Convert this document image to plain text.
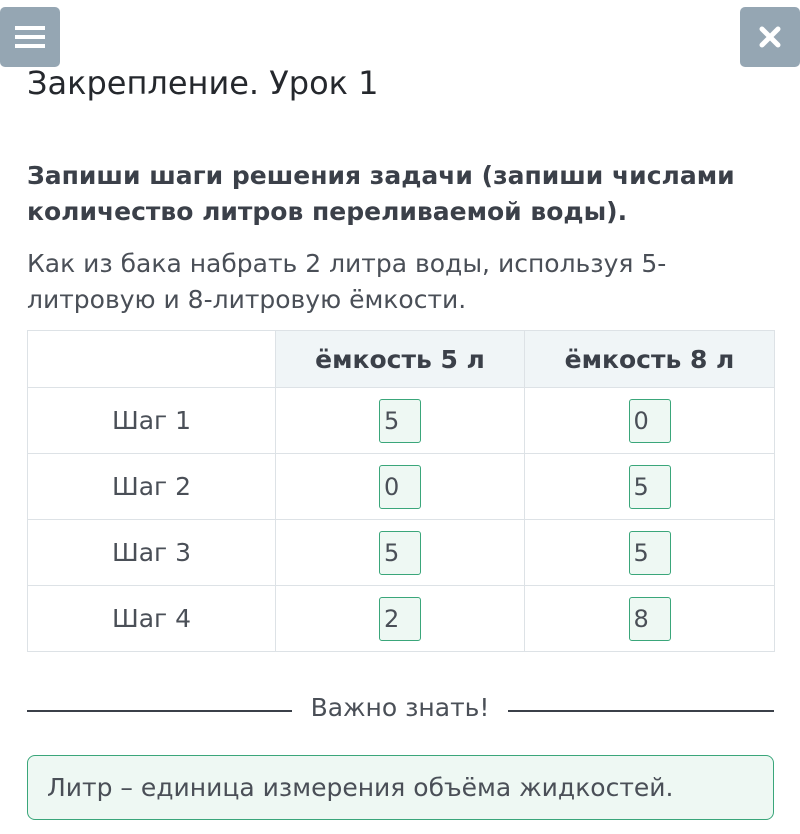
Закрепление. Урок 1
Запиши шаги решения задачи (запиши числами количество литров переливаемой воды).
Как из бака набрать 2 литра воды, используя 5-литровую и 8-литровую ёмкости.
	ёмкость 5 л	ёмкость 8 л
Шаг 1	5	0
Шаг 2	0	5
Шаг 3	5	5
Шаг 4	2	8
Важно знать!
Литр – единица измерения объёма жидкостей.
